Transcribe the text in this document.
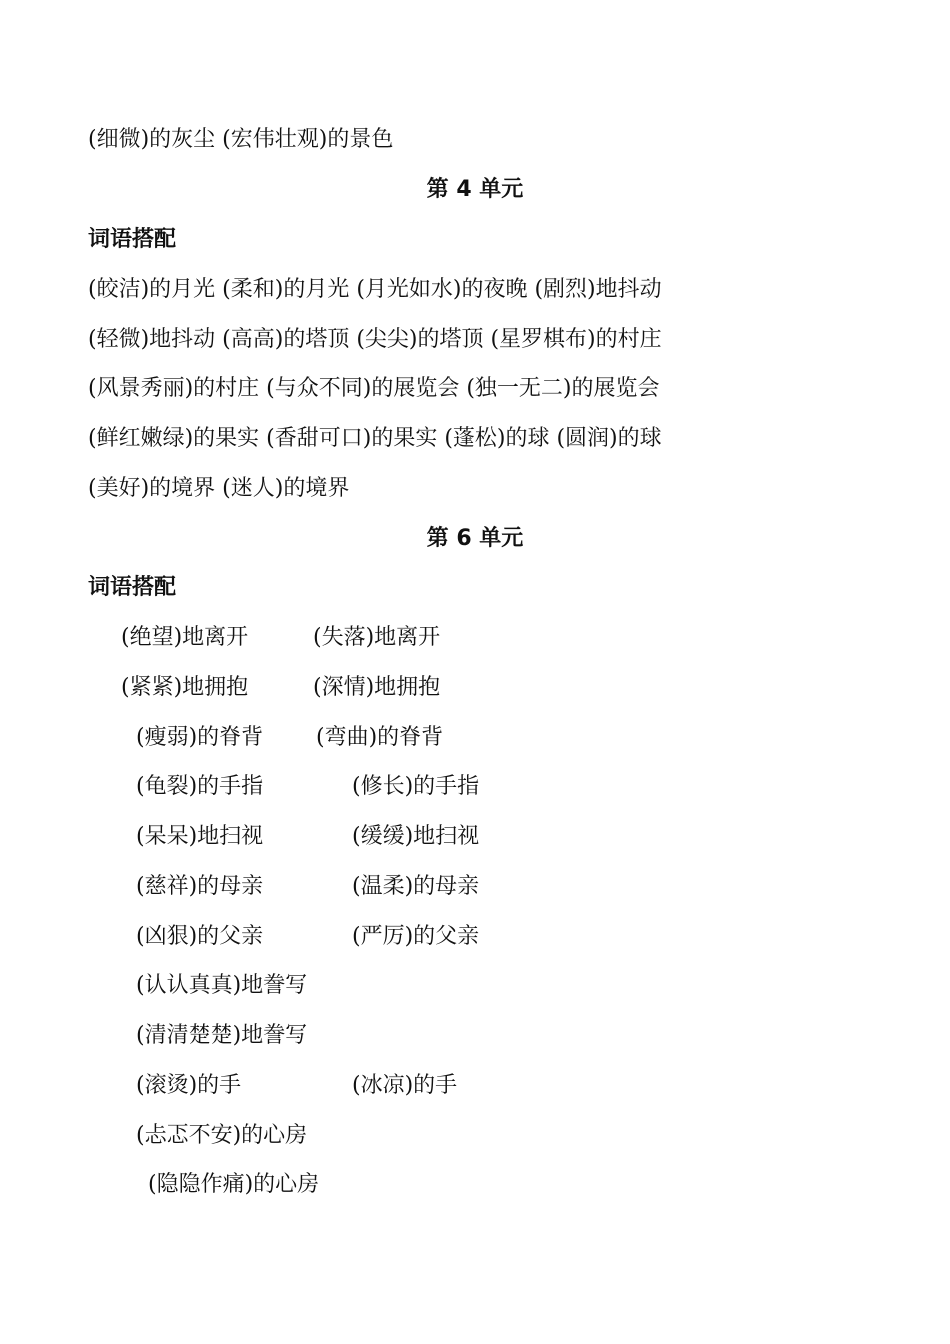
(细微)的灰尘 (宏伟壮观)的景色
第 4 单元
词语搭配
(皎洁)的月光 (柔和)的月光 (月光如水)的夜晚 (剧烈)地抖动
(轻微)地抖动 (高高)的塔顶 (尖尖)的塔顶 (星罗棋布)的村庄
(风景秀丽)的村庄 (与众不同)的展览会 (独一无二)的展览会
(鲜红嫩绿)的果实 (香甜可口)的果实 (蓬松)的球 (圆润)的球
(美好)的境界 (迷人)的境界
第 6 单元
词语搭配
(绝望)地离开	(失落)地离开
(紧紧)地拥抱	(深情)地拥抱
(瘦弱)的脊背 (弯曲)的脊背
(龟裂)的手指	(修长)的手指
(呆呆)地扫视	(缓缓)地扫视
(慈祥)的母亲	(温柔)的母亲
(凶狠)的父亲	(严厉)的父亲
(认认真真)地誊写
(清清楚楚)地誊写
(滚烫)的手	(冰凉)的手
(忐忑不安)的心房
(隐隐作痛)的心房
